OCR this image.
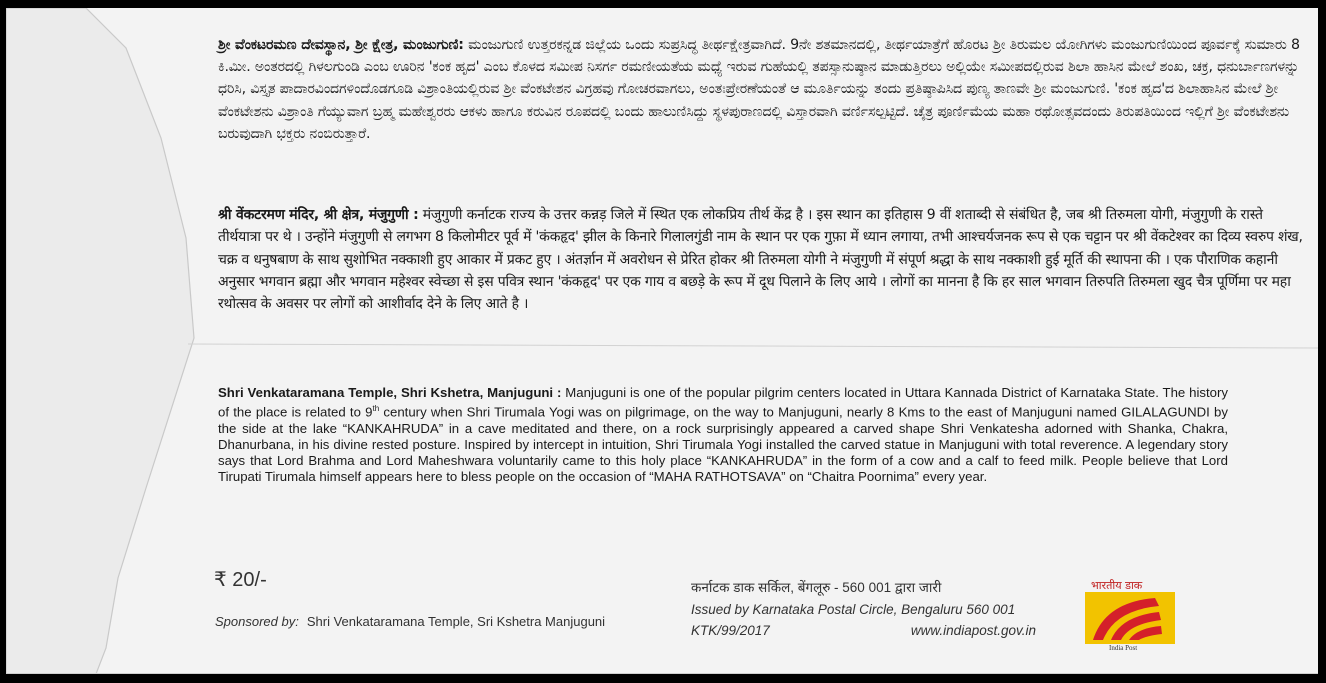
ಶ್ರೀ ವೆಂಕಟರಮಣ ದೇವಸ್ಥಾನ, ಶ್ರೀ ಕ್ಷೇತ್ರ, ಮಂಜುಗುಣಿ: ಮಂಜುಗುಣಿ ಉತ್ತರಕನ್ನಡ ಜಿಲ್ಲೆಯ ಒಂದು ಸುಪ್ರಸಿದ್ಧ ತೀರ್ಥಕ್ಷೇತ್ರವಾಗಿದೆ. 9ನೇ ಶತಮಾನದಲ್ಲಿ, ತೀರ್ಥಯಾತ್ರೆಗೆ ಹೊರಟ ಶ್ರೀ ತಿರುಮಲ ಯೋಗಿಗಳು ಮಂಜುಗುಣಿಯಿಂದ ಪೂರ್ವಕ್ಕೆ ಸುಮಾರು 8 ಕಿ.ಮೀ. ಅಂತರದಲ್ಲಿ ಗಿಳಲಗುಂಡಿ ಎಂಬ ಊರಿನ 'ಕಂಕ ಹೃದ' ಎಂಬ ಕೊಳದ ಸಮೀಪ ನಿಸರ್ಗ ರಮಣೀಯತೆಯ ಮಧ್ಯೆ ಇರುವ ಗುಹೆಯಲ್ಲಿ ತಪಸ್ಸಾನುಷ್ಠಾನ ಮಾಡುತ್ತಿರಲು ಅಲ್ಲಿಯೇ ಸಮೀಪದಲ್ಲಿರುವ ಶಿಲಾ ಹಾಸಿನ ಮೇಲೆ ಶಂಖ, ಚಕ್ರ, ಧನುರ್ಬಾಣಗಳನ್ನು ಧರಿಸಿ, ವಿಸ್ತೃತ ಪಾದಾರವಿಂದಗಳಿಂದೊಡಗೂಡಿ ವಿಶ್ರಾಂತಿಯಲ್ಲಿರುವ ಶ್ರೀ ವೆಂಕಟೇಶನ ವಿಗ್ರಹವು ಗೋಚರವಾಗಲು, ಅಂತಃಪ್ರೇರಣೆಯಂತೆ ಆ ಮೂರ್ತಿಯನ್ನು ತಂದು ಪ್ರತಿಷ್ಠಾಪಿಸಿದ ಪುಣ್ಯ ತಾಣವೇ ಶ್ರೀ ಮಂಜುಗುಣಿ. 'ಕಂಕ ಹೃದ'ದ ಶಿಲಾಹಾಸಿನ ಮೇಲೆ ಶ್ರೀ ವೆಂಕಟೇಶನು ವಿಶ್ರಾಂತಿ ಗೆಯ್ಯುವಾಗ ಬ್ರಹ್ಮ ಮಹೇಶ್ವರರು ಆಕಳು ಹಾಗೂ ಕರುವಿನ ರೂಪದಲ್ಲಿ ಬಂದು ಹಾಲುಣಿಸಿದ್ದು ಸ್ಥಳಪುರಾಣದಲ್ಲಿ ವಿಸ್ತಾರವಾಗಿ ವರ್ಣಿಸಲ್ಪಟ್ಟಿದೆ. ಚೈತ್ರ ಪೂರ್ಣಿಮೆಯ ಮಹಾ ರಥೋತ್ಸವದಂದು ತಿರುಪತಿಯಿಂದ ಇಲ್ಲಿಗೆ ಶ್ರೀ ವೆಂಕಟೇಶನು ಬರುವುದಾಗಿ ಭಕ್ತರು ನಂಬಿರುತ್ತಾರೆ.
श्री वेंकटरमण मंदिर, श्री क्षेत्र, मंजुगुणी : मंजुगुणी कर्नाटक राज्य के उत्तर कन्नड़ जिले में स्थित एक लोकप्रिय तीर्थ केंद्र है । इस स्थान का इतिहास 9 वीं शताब्दी से संबंधित है, जब श्री तिरुमला योगी, मंजुगुणी के रास्ते तीर्थयात्रा पर थे । उन्होंने मंजुगुणी से लगभग 8 किलोमीटर पूर्व में 'कंकहृद' झील के किनारे गिलालगुंडी नाम के स्थान पर एक गुफ़ा में ध्यान लगाया, तभी आश्चर्यजनक रूप से एक चट्टान पर श्री वेंकटेश्वर का दिव्य स्वरुप शंख, चक्र व धनुषबाण के साथ सुशोभित नक्काशी हुए आकार में प्रकट हुए । अंतर्ज्ञान में अवरोधन से प्रेरित होकर श्री तिरुमला योगी ने मंजुगुणी में संपूर्ण श्रद्धा के साथ नक्काशी हुई मूर्ति की स्थापना की । एक पौराणिक कहानी अनुसार भगवान ब्रह्मा और भगवान महेश्वर स्वेच्छा से इस पवित्र स्थान 'कंकहृद' पर एक गाय व बछड़े के रूप में दूध पिलाने के लिए आये । लोगों का मानना है कि हर साल भगवान तिरुपति तिरुमला खुद चैत्र पूर्णिमा पर महा रथोत्सव के अवसर पर लोगों को आशीर्वाद देने के लिए आते है ।
Shri Venkataramana Temple, Shri Kshetra, Manjuguni : Manjuguni is one of the popular pilgrim centers located in Uttara Kannada District of Karnataka State. The history of the place is related to 9th century when Shri Tirumala Yogi was on pilgrimage, on the way to Manjuguni, nearly 8 Kms to the east of Manjuguni named GILALAGUNDI by the side at the lake “KANKAHRUDA” in a cave meditated and there, on a rock surprisingly appeared a carved shape Shri Venkatesha adorned with Shanka, Chakra, Dhanurbana, in his divine rested posture. Inspired by intercept in intuition, Shri Tirumala Yogi installed the carved statue in Manjuguni with total reverence. A legendary story says that Lord Brahma and Lord Maheshwara voluntarily came to this holy place “KANKAHRUDA” in the form of a cow and a calf to feed milk. People believe that Lord Tirupati Tirumala himself appears here to bless people on the occasion of “MAHA RATHOTSAVA” on “Chaitra Poornima” every year.
₹ 20/-
Sponsored by: Shri Venkataramana Temple, Sri Kshetra Manjuguni
कर्नाटक डाक सर्किल, बेंगलूरु - 560 001 द्वारा जारी
Issued by Karnataka Postal Circle, Bengaluru 560 001
KTK/99/2017	www.indiapost.gov.in
भारतीय डाक
India Post
